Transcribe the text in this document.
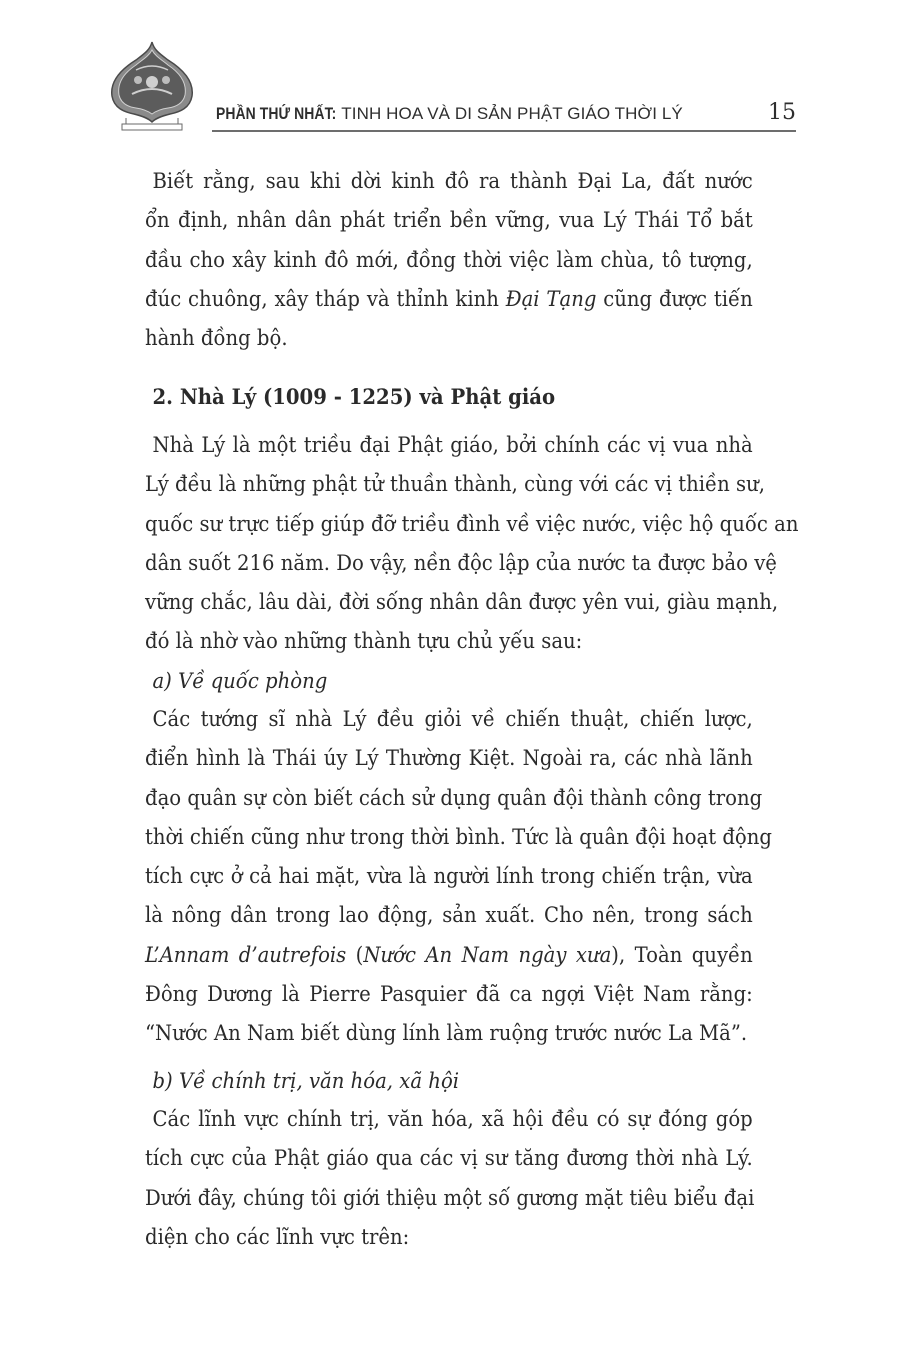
PHẦN THỨ NHẤT: TINH HOA VÀ DI SẢN PHẬT GIÁO THỜI LÝ	15
Biết rằng, sau khi dời kinh đô ra thành Đại La, đất nước
ổn định, nhân dân phát triển bền vững, vua Lý Thái Tổ bắt
đầu cho xây kinh đô mới, đồng thời việc làm chùa, tô tượng,
đúc chuông, xây tháp và thỉnh kinh Đại Tạng cũng được tiến
hành đồng bộ.
2. Nhà Lý (1009 - 1225) và Phật giáo
Nhà Lý là một triều đại Phật giáo, bởi chính các vị vua nhà
Lý đều là những phật tử thuần thành, cùng với các vị thiền sư,
quốc sư trực tiếp giúp đỡ triều đình về việc nước, việc hộ quốc an
dân suốt 216 năm. Do vậy, nền độc lập của nước ta được bảo vệ
vững chắc, lâu dài, đời sống nhân dân được yên vui, giàu mạnh,
đó là nhờ vào những thành tựu chủ yếu sau:
a) Về quốc phòng
Các tướng sĩ nhà Lý đều giỏi về chiến thuật, chiến lược,
điển hình là Thái úy Lý Thường Kiệt. Ngoài ra, các nhà lãnh
đạo quân sự còn biết cách sử dụng quân đội thành công trong
thời chiến cũng như trong thời bình. Tức là quân đội hoạt động
tích cực ở cả hai mặt, vừa là người lính trong chiến trận, vừa
là nông dân trong lao động, sản xuất. Cho nên, trong sách
L’Annam d’autrefois (Nước An Nam ngày xưa), Toàn quyền
Đông Dương là Pierre Pasquier đã ca ngợi Việt Nam rằng:
“Nước An Nam biết dùng lính làm ruộng trước nước La Mã”.
b) Về chính trị, văn hóa, xã hội
Các lĩnh vực chính trị, văn hóa, xã hội đều có sự đóng góp
tích cực của Phật giáo qua các vị sư tăng đương thời nhà Lý.
Dưới đây, chúng tôi giới thiệu một số gương mặt tiêu biểu đại
diện cho các lĩnh vực trên:
